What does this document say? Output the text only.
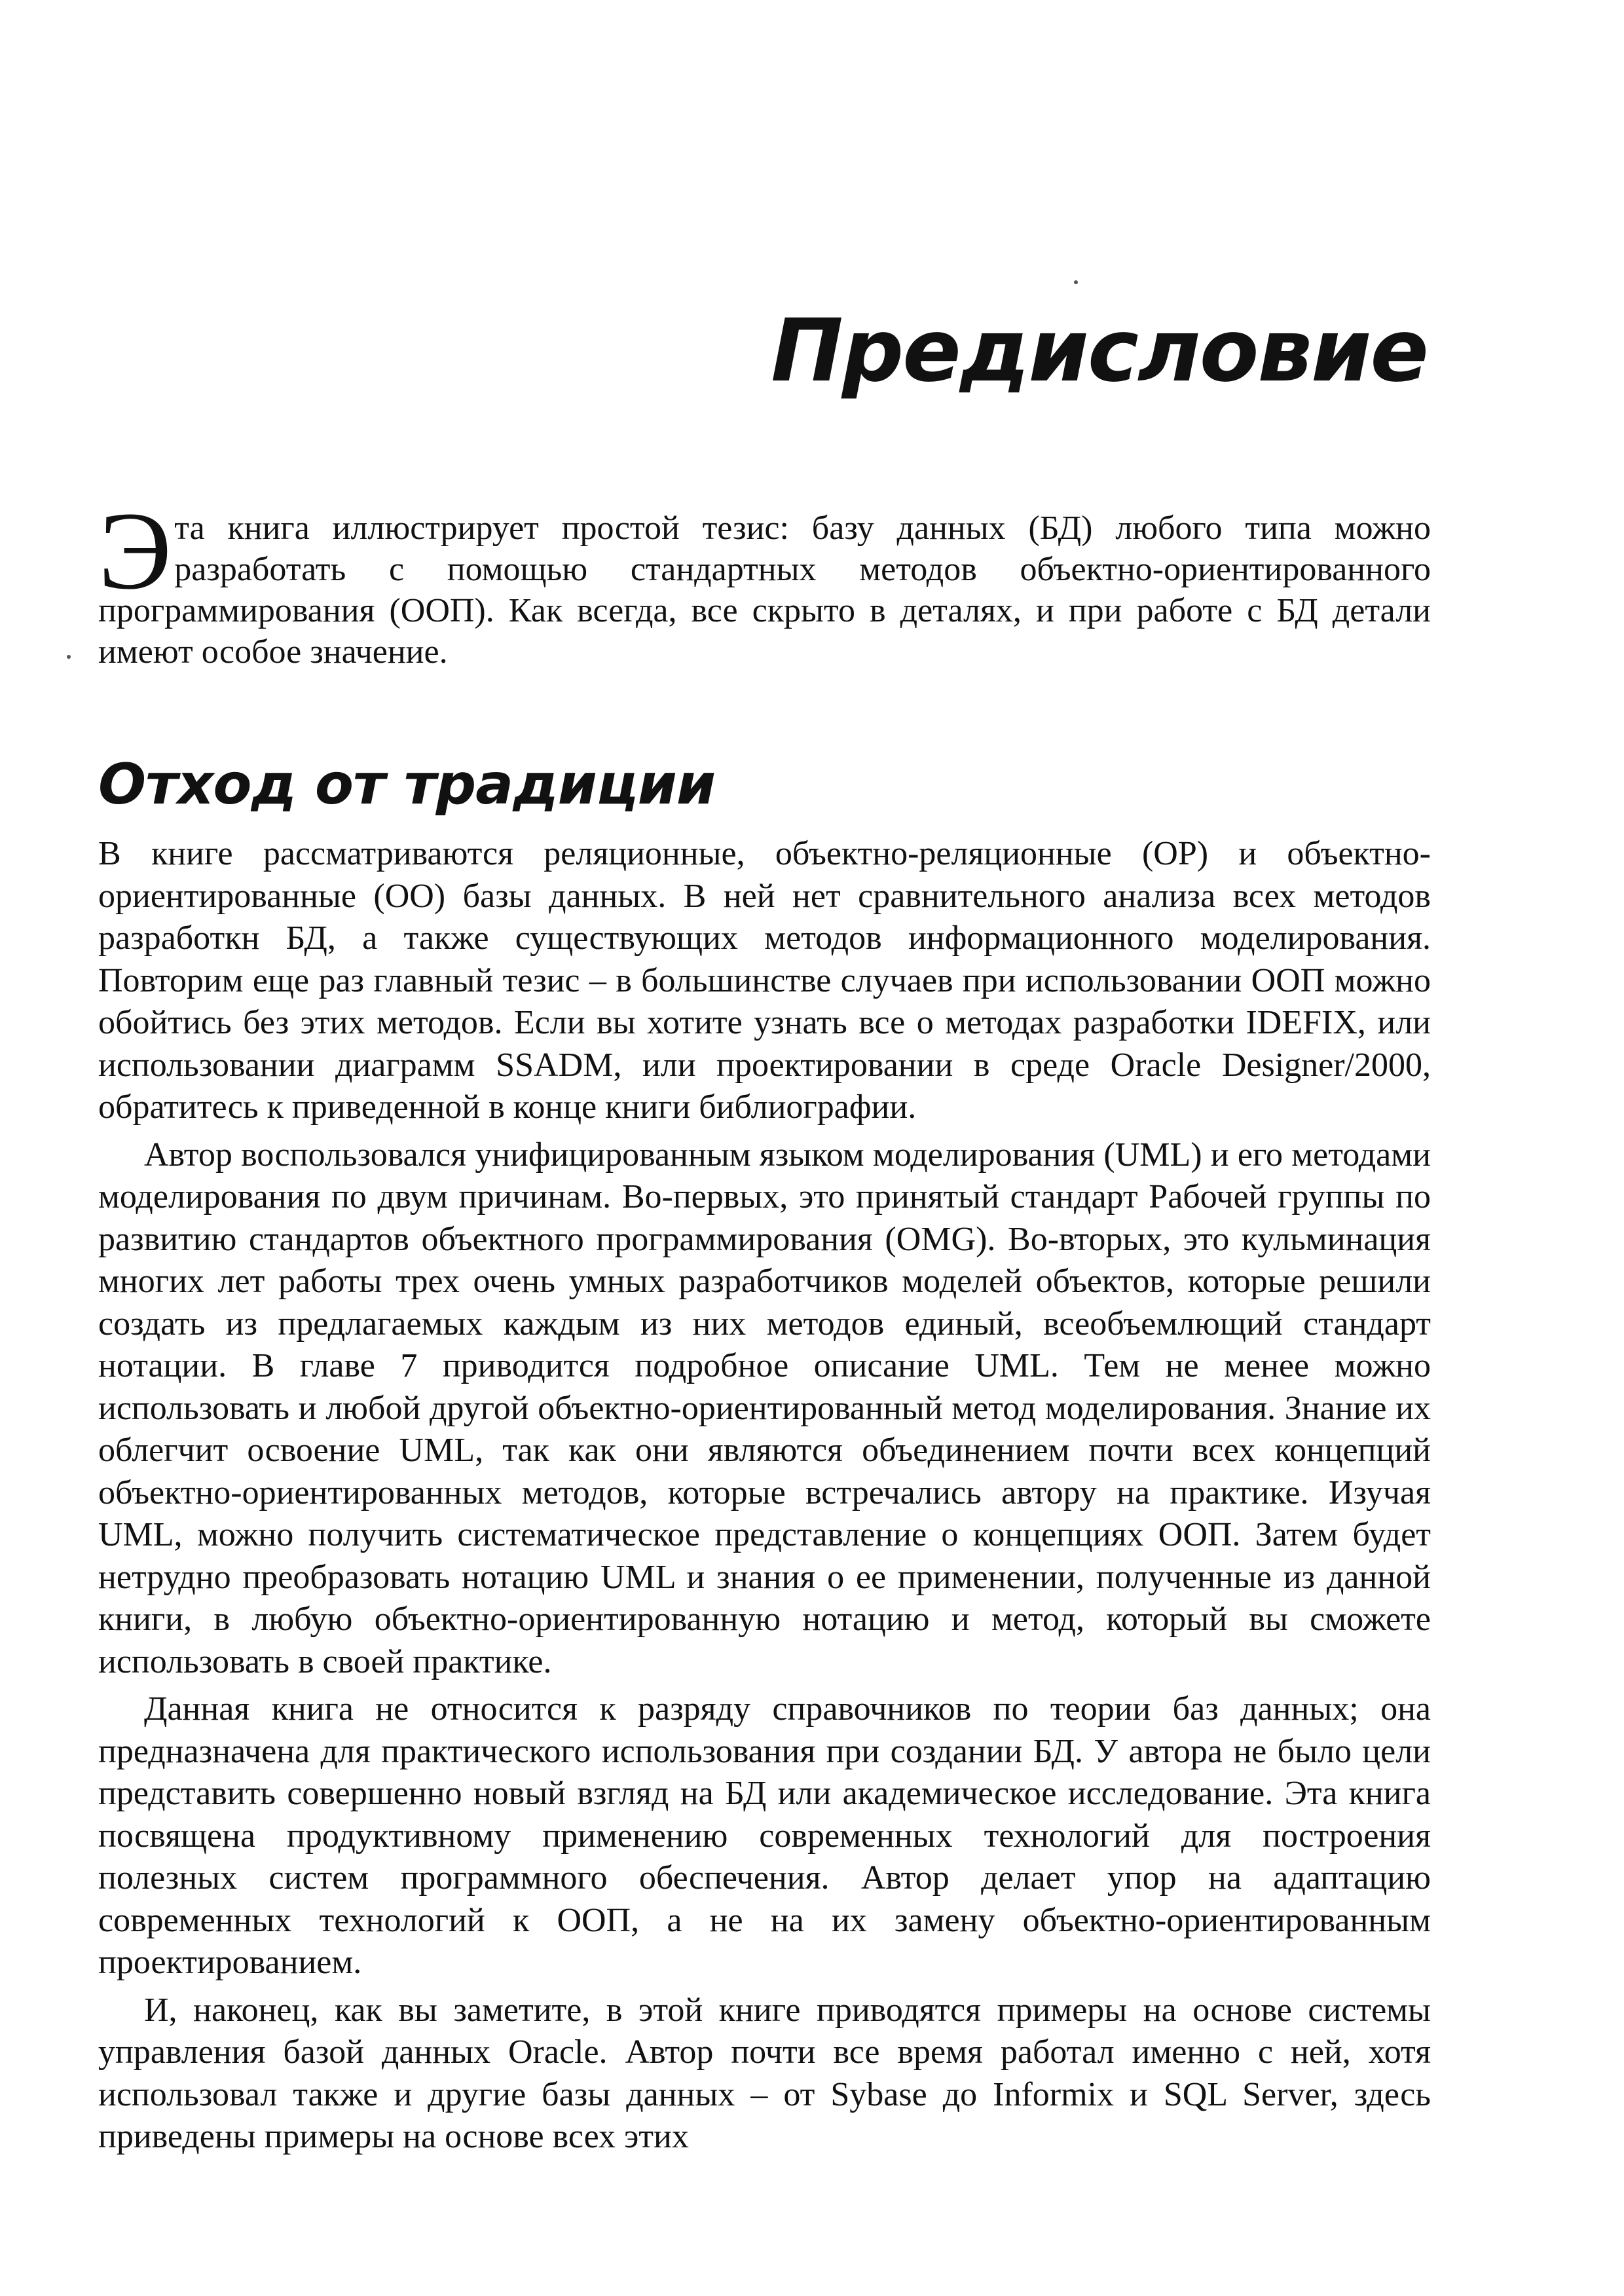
Предисловие

Эта книга иллюстрирует простой тезис: базу данных (БД) любого типа можно разработать с помощью стандартных методов объектно-ориентированного программирования (ООП). Как всегда, все скрыто в деталях, и при работе с БД детали имеют особое значение.

Отход от традиции

В книге рассматриваются реляционные, объектно-реляционные (ОР) и объектно-ориентированные (ОО) базы данных. В ней нет сравнительного анализа всех методов разработкн БД, а также существующих методов информационного моделирования. Повторим еще раз главный тезис – в большинстве случаев при использовании ООП можно обойтись без этих методов. Если вы хотите узнать все о методах разработки IDEFIX, или использовании диаграмм SSADM, или проектировании в среде Oracle Designer/2000, обратитесь к приведенной в конце книги библиографии.

Автор воспользовался унифицированным языком моделирования (UML) и его методами моделирования по двум причинам. Во-первых, это принятый стандарт Рабочей группы по развитию стандартов объектного программирования (OMG). Во-вторых, это кульминация многих лет работы трех очень умных разработчиков моделей объектов, которые решили создать из предлагаемых каждым из них методов единый, всеобъемлющий стандарт нотации. В главе 7 приводится подробное описание UML. Тем не менее можно использовать и любой другой объектно-ориентированный метод моделирования. Знание их облегчит освоение UML, так как они являются объединением почти всех концепций объектно-ориентированных методов, которые встречались автору на практике. Изучая UML, можно получить систематическое представление о концепциях ООП. Затем будет нетрудно преобразовать нотацию UML и знания о ее применении, полученные из данной книги, в любую объектно-ориентированную нотацию и метод, который вы сможете использовать в своей практике.

Данная книга не относится к разряду справочников по теории баз данных; она предназначена для практического использования при создании БД. У автора не было цели представить совершенно новый взгляд на БД или академическое исследование. Эта книга посвящена продуктивному применению современных технологий для построения полезных систем программного обеспечения. Автор делает упор на адаптацию современных технологий к ООП, а не на их замену объектно-ориентированным проектированием.

И, наконец, как вы заметите, в этой книге приводятся примеры на основе системы управления базой данных Oracle. Автор почти все время работал именно с ней, хотя использовал также и другие базы данных – от Sybase до Informix и SQL Server, здесь приведены примеры на основе всех этих
